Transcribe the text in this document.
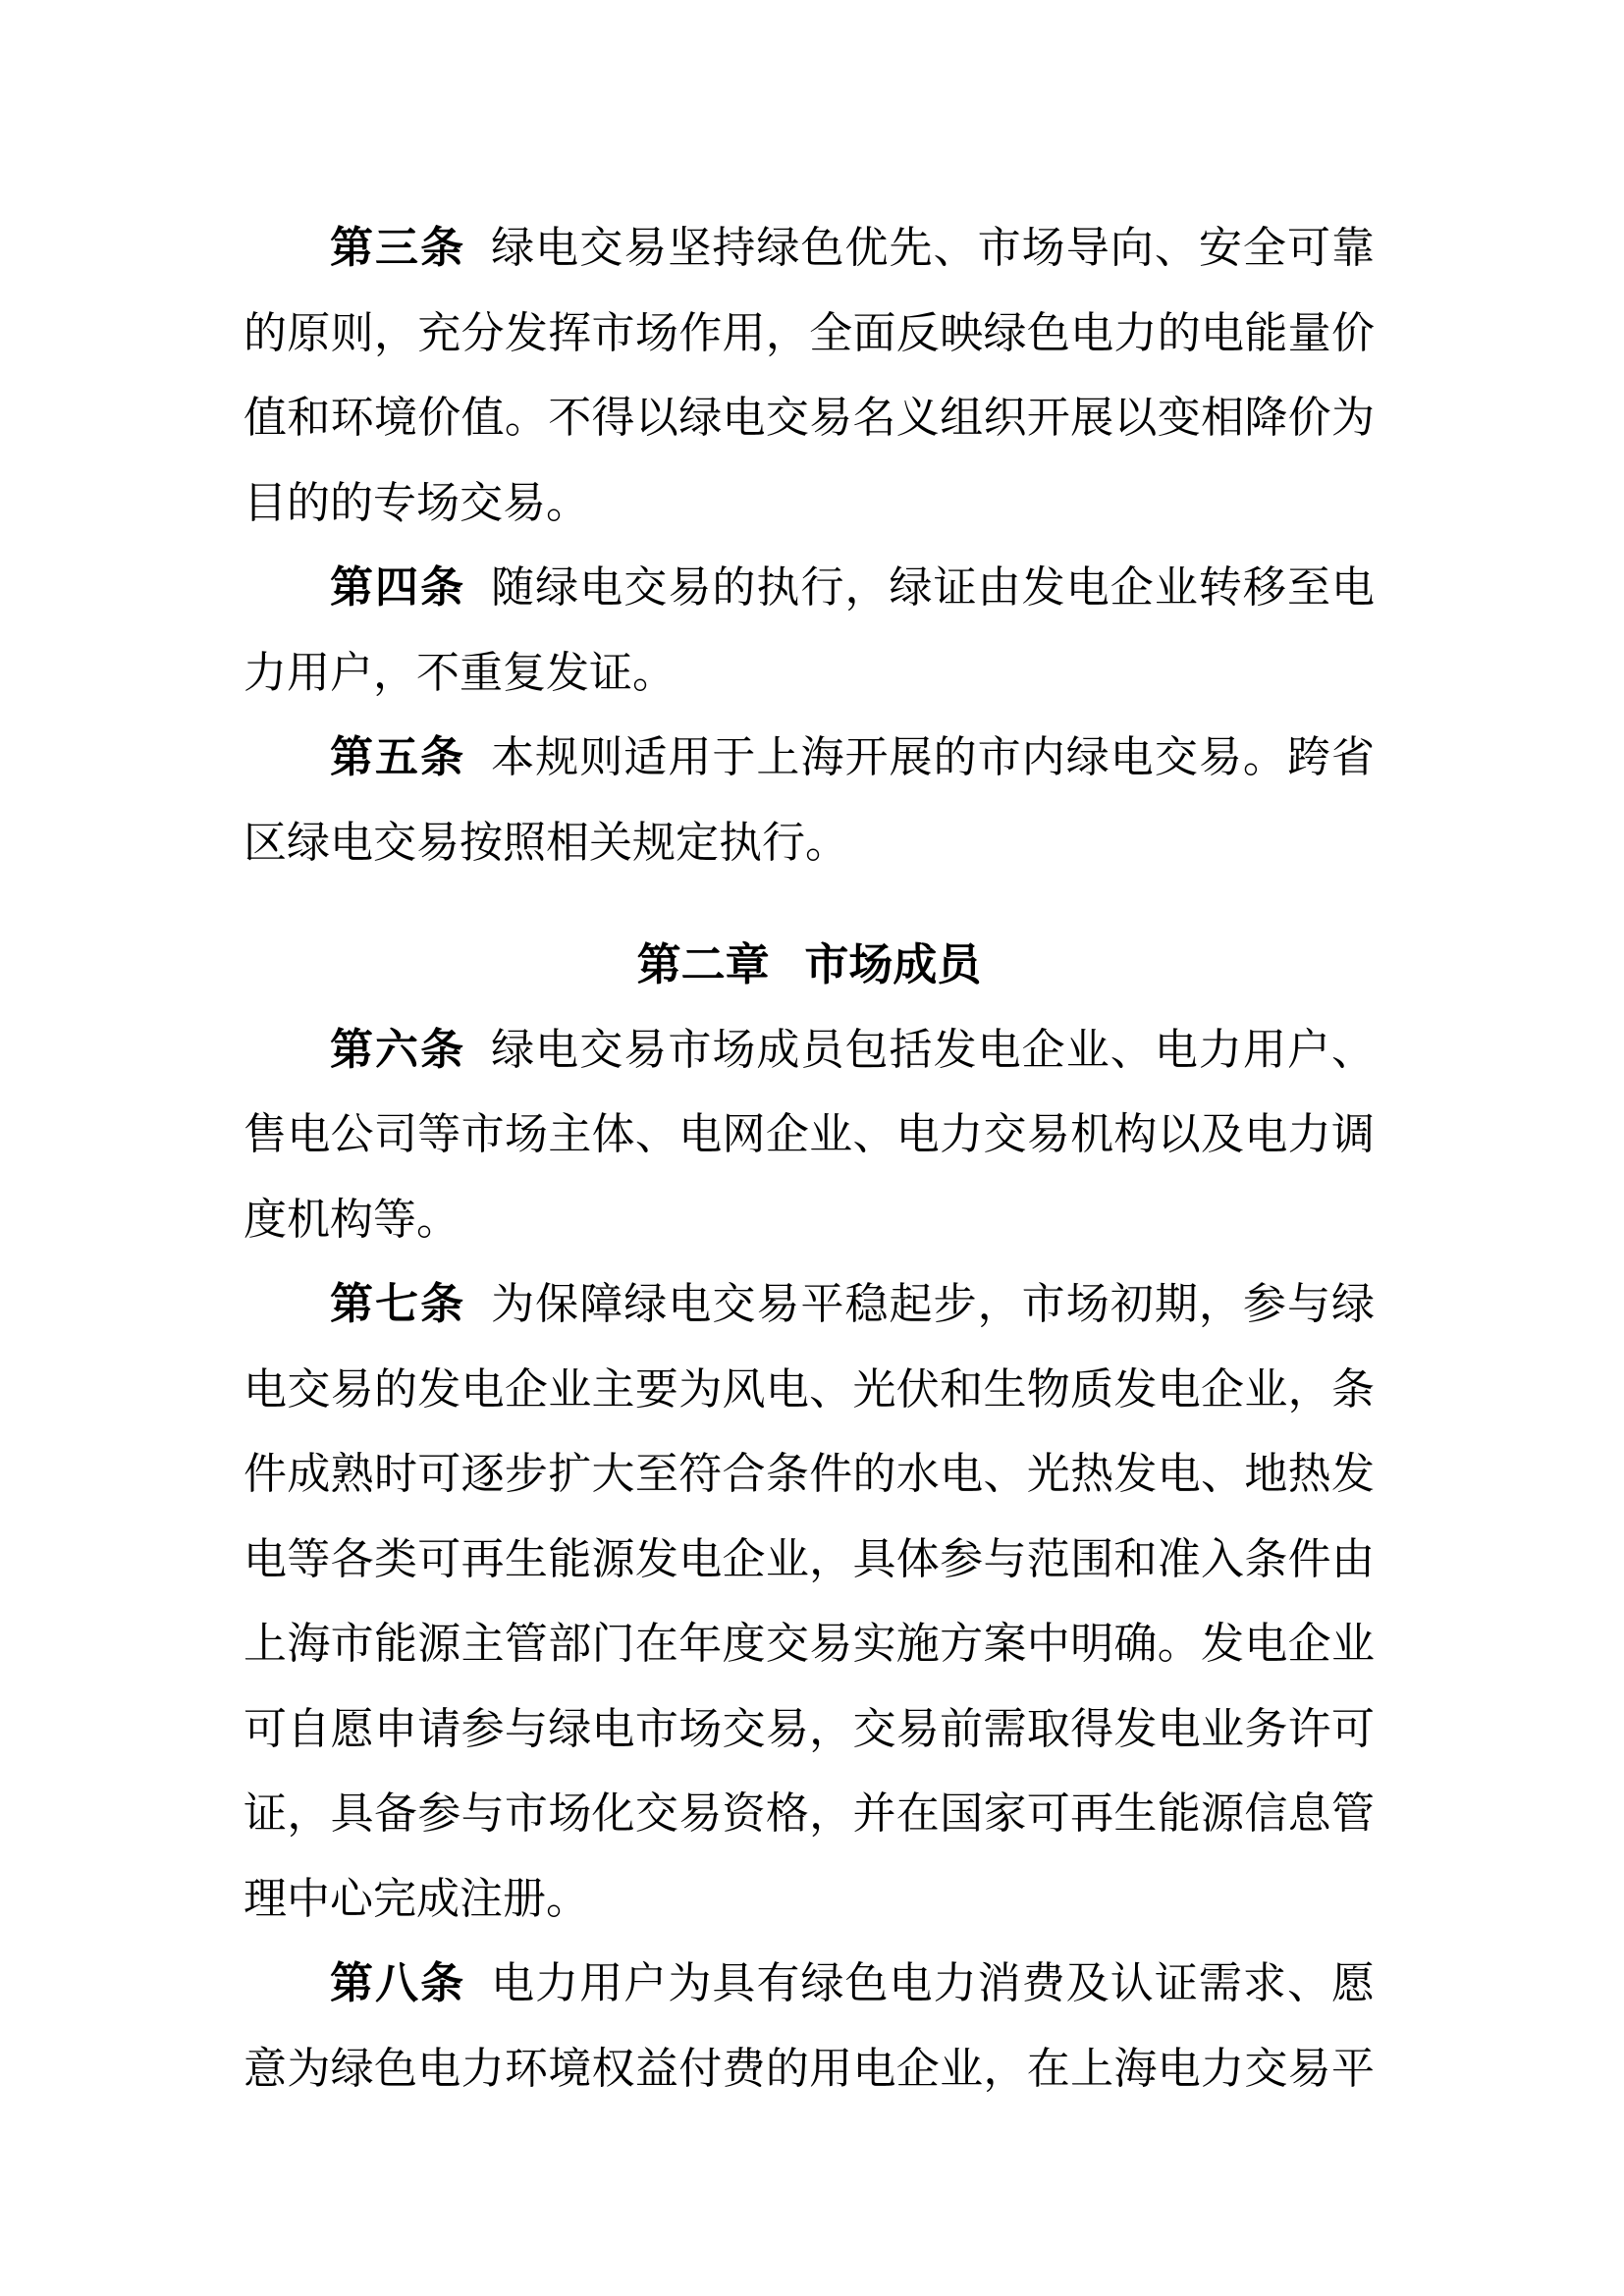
第三条 绿电交易坚持绿色优先、市场导向、安全可靠
的原则，充分发挥市场作用，全面反映绿色电力的电能量价
值和环境价值。不得以绿电交易名义组织开展以变相降价为
目的的专场交易。
第四条 随绿电交易的执行，绿证由发电企业转移至电
力用户，不重复发证。
第五条 本规则适用于上海开展的市内绿电交易。跨省
区绿电交易按照相关规定执行。
第二章 市场成员
第六条 绿电交易市场成员包括发电企业、电力用户、
售电公司等市场主体、电网企业、电力交易机构以及电力调
度机构等。
第七条 为保障绿电交易平稳起步，市场初期，参与绿
电交易的发电企业主要为风电、光伏和生物质发电企业，条
件成熟时可逐步扩大至符合条件的水电、光热发电、地热发
电等各类可再生能源发电企业，具体参与范围和准入条件由
上海市能源主管部门在年度交易实施方案中明确。发电企业
可自愿申请参与绿电市场交易，交易前需取得发电业务许可
证，具备参与市场化交易资格，并在国家可再生能源信息管
理中心完成注册。
第八条 电力用户为具有绿色电力消费及认证需求、愿
意为绿色电力环境权益付费的用电企业，在上海电力交易平
